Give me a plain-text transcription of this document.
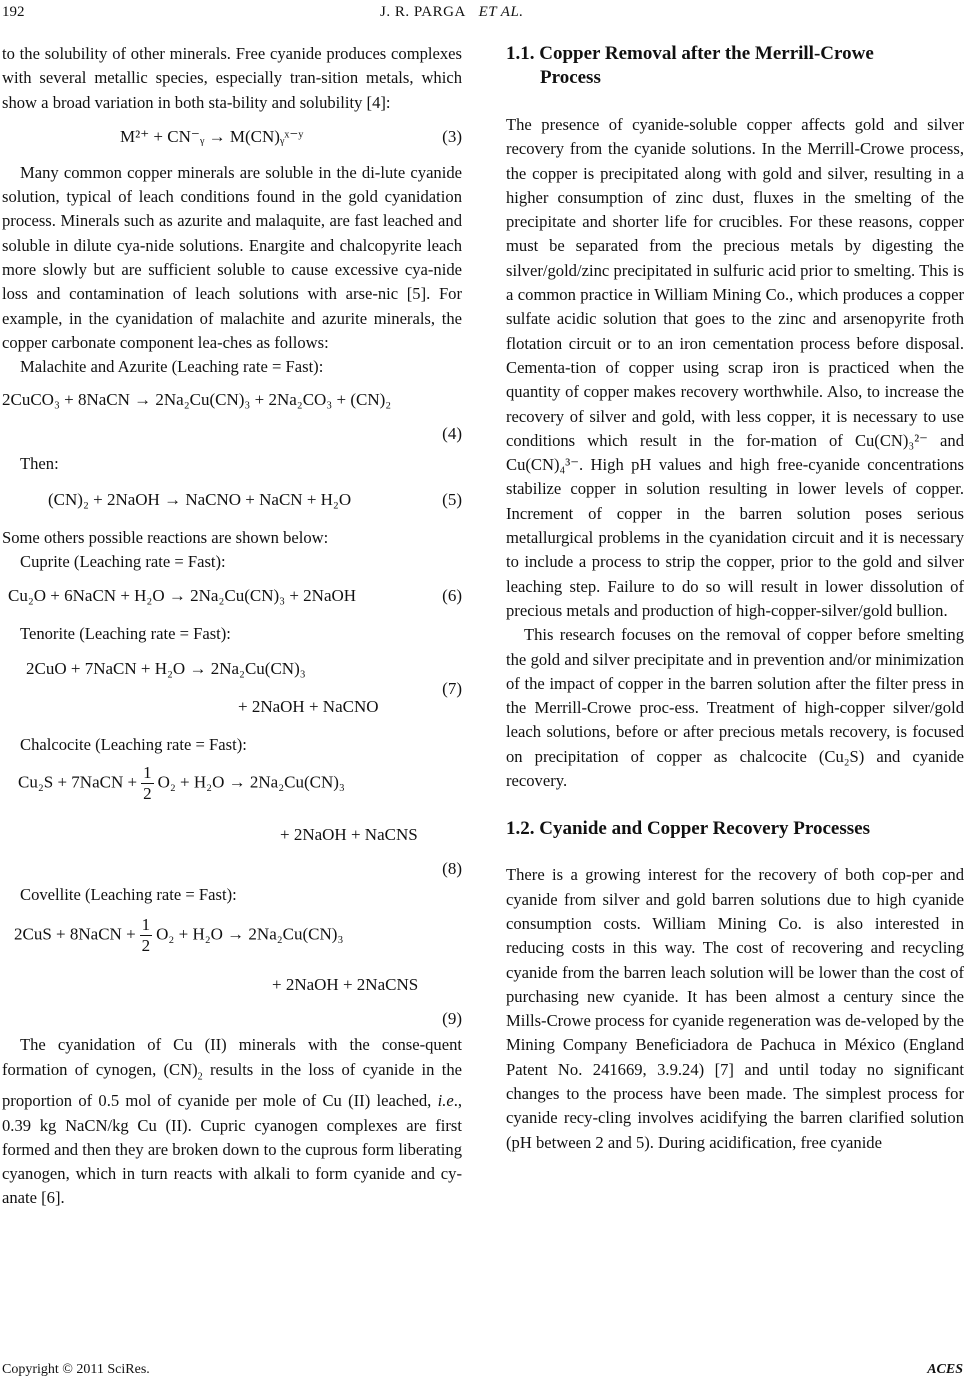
192	J. R. PARGA ET AL.

to the solubility of other minerals. Free cyanide produces complexes with several metallic species, especially tran-sition metals, which show a broad variation in both sta-bility and solubility [4]:

M²⁺ + CN⁻ᵧ → M(CN)ᵧˣ⁻ʸ	(3)

Many common copper minerals are soluble in the di-lute cyanide solution, typical of leach conditions found in the gold cyanidation process. Minerals such as azurite and malaquite, are fast leached and soluble in dilute cya-nide solutions. Enargite and chalcopyrite leach more slowly but are sufficient soluble to cause excessive cya-nide loss and contamination of leach solutions with arse-nic [5]. For example, in the cyanidation of malachite and azurite minerals, the copper carbonate component lea-ches as follows:

Malachite and Azurite (Leaching rate = Fast):

2CuCO₃ + 8NaCN → 2Na₂Cu(CN)₃ + 2Na₂CO₃ + (CN)₂
(4)

Then:

(CN)₂ + 2NaOH → NaCNO + NaCN + H₂O	(5)

Some others possible reactions are shown below:

Cuprite (Leaching rate = Fast):

Cu₂O + 6NaCN + H₂O → 2Na₂Cu(CN)₃ + 2NaOH	(6)

Tenorite (Leaching rate = Fast):

2CuO + 7NaCN + H₂O → 2Na₂Cu(CN)₃
+ 2NaOH + NaCNO
(7)

Chalcocite (Leaching rate = Fast):

Cu₂S + 7NaCN + $\frac{1}{2} O_2 + H_2O \to 2Na_2Cu(CN)_3$
+ 2NaOH + NaCNS
(8)

Covellite (Leaching rate = Fast):

2CuS + 8NaCN + $\frac{1}{2} O_2 + H_2O \to 2Na_2Cu(CN)_3$
+ 2NaOH + 2NaCNS
(9)

The cyanidation of Cu (II) minerals with the conse-quent formation of cynogen, $(CN)_2$ results in the loss of cyanide in the proportion of 0.5 mol of cyanide per mole of Cu (II) leached, i.e., 0.39 kg NaCN/kg Cu (II). Cupric cyanogen complexes are first formed and then they are broken down to the cuprous form liberating cyanogen, which in turn reacts with alkali to form cyanide and cy-anate [6].

1.1. Copper Removal after the Merrill-Crowe
Process

The presence of cyanide-soluble copper affects gold and silver recovery from the cyanide solutions. In the Merrill-Crowe process, the copper is precipitated along with gold and silver, resulting in a higher consumption of zinc dust, fluxes in the smelting of the precipitate and shorter life for crucibles. For these reasons, copper must be separated from the precious metals by digesting the silver/gold/zinc precipitated in sulfuric acid prior to smelting. This is a common practice in William Mining Co., which produces a copper sulfate acidic solution that goes to the zinc and arsenopyrite froth flotation circuit or to an iron cementation process before disposal. Cementa-tion of copper using scrap iron is practiced when the quantity of copper makes recovery worthwhile. Also, to increase the recovery of silver and gold, with less copper, it is necessary to use conditions which result in the for-mation of Cu(CN)₃²⁻ and Cu(CN)₄³⁻. High pH values and high free-cyanide concentrations stabilize copper in solution resulting in lower levels of copper. Increment of copper in the barren solution poses serious metallurgical problems in the cyanidation circuit and it is necessary to include a process to strip the copper, prior to the gold and silver leaching step. Failure to do so will result in lower dissolution of precious metals and production of high-copper-silver/gold bullion.

This research focuses on the removal of copper before smelting the gold and silver precipitate and in prevention and/or minimization of the impact of copper in the barren solution after the filter press in the Merrill-Crowe proc-ess. Treatment of high-copper silver/gold leach solutions, before or after precious metals recovery, is focused on precipitation of copper as chalcocite (Cu₂S) and cyanide recovery.

1.2. Cyanide and Copper Recovery Processes

There is a growing interest for the recovery of both cop-per and cyanide from silver and gold barren solutions due to high cyanide consumption costs. William Mining Co. is also interested in reducing costs in this way. The cost of recovering and recycling cyanide from the barren leach solution will be lower than the cost of purchasing new cyanide. It has been almost a century since the Mills-Crowe process for cyanide regeneration was de-veloped by the Mining Company Beneficiadora de Pachuca in México (England Patent No. 241669, 3.9.24) [7] and until today no significant changes to the process have been made. The simplest process for cyanide recy-cling involves acidifying the barren clarified solution (pH between 2 and 5). During acidification, free cyanide

Copyright © 2011 SciRes.	ACES
